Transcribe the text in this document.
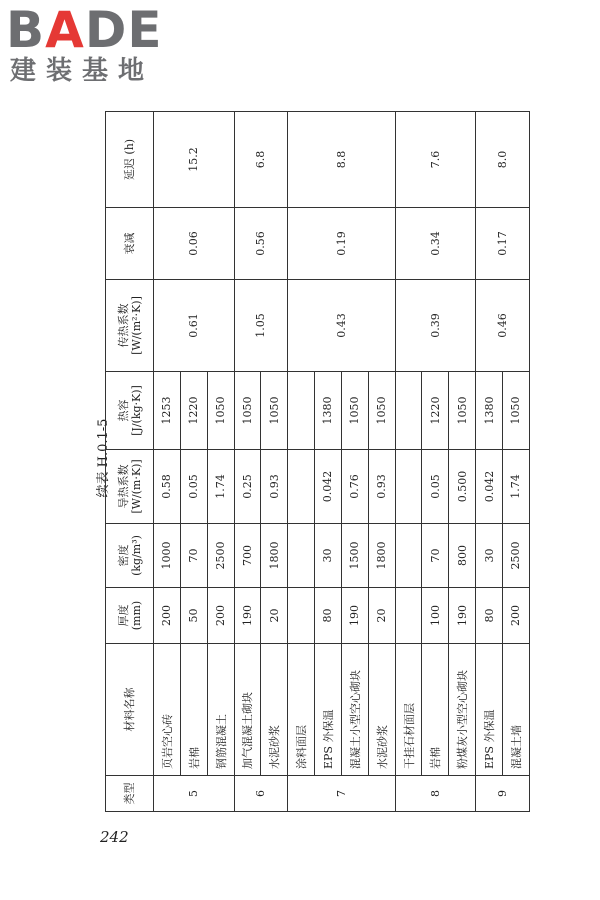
BADE
建装基地
续表 H.0.1-5
类型	材料名称	厚度 (mm)	密度 (kg/m³)	导热系数 [W/(m·K)]	热容 [J/(kg·K)]	传热系数 [W/(m²·K)]	衰减	延迟 (h)
5	页岩空心砖	200	1000	0.58	1253	0.61	0.06	15.2
	岩棉	50	70	0.05	1220			
	钢筋混凝土	200	2500	1.74	1050			
6	加气混凝土砌块	190	700	0.25	1050	1.05	0.56	6.8
	水泥砂浆	20	1800	0.93	1050			
7	涂料面层					0.43	0.19	8.8
	EPS 外保温	80	30	0.042	1380			
	混凝土小型空心砌块	190	1500	0.76	1050			
	水泥砂浆	20	1800	0.93	1050			
8	干挂石材面层					0.39	0.34	7.6
	岩棉	100	70	0.05	1220			
	粉煤灰小型空心砌块	190	800	0.500	1050			
9	EPS 外保温	80	30	0.042	1380	0.46	0.17	8.0
	混凝土墙	200	2500	1.74	1050			
242
